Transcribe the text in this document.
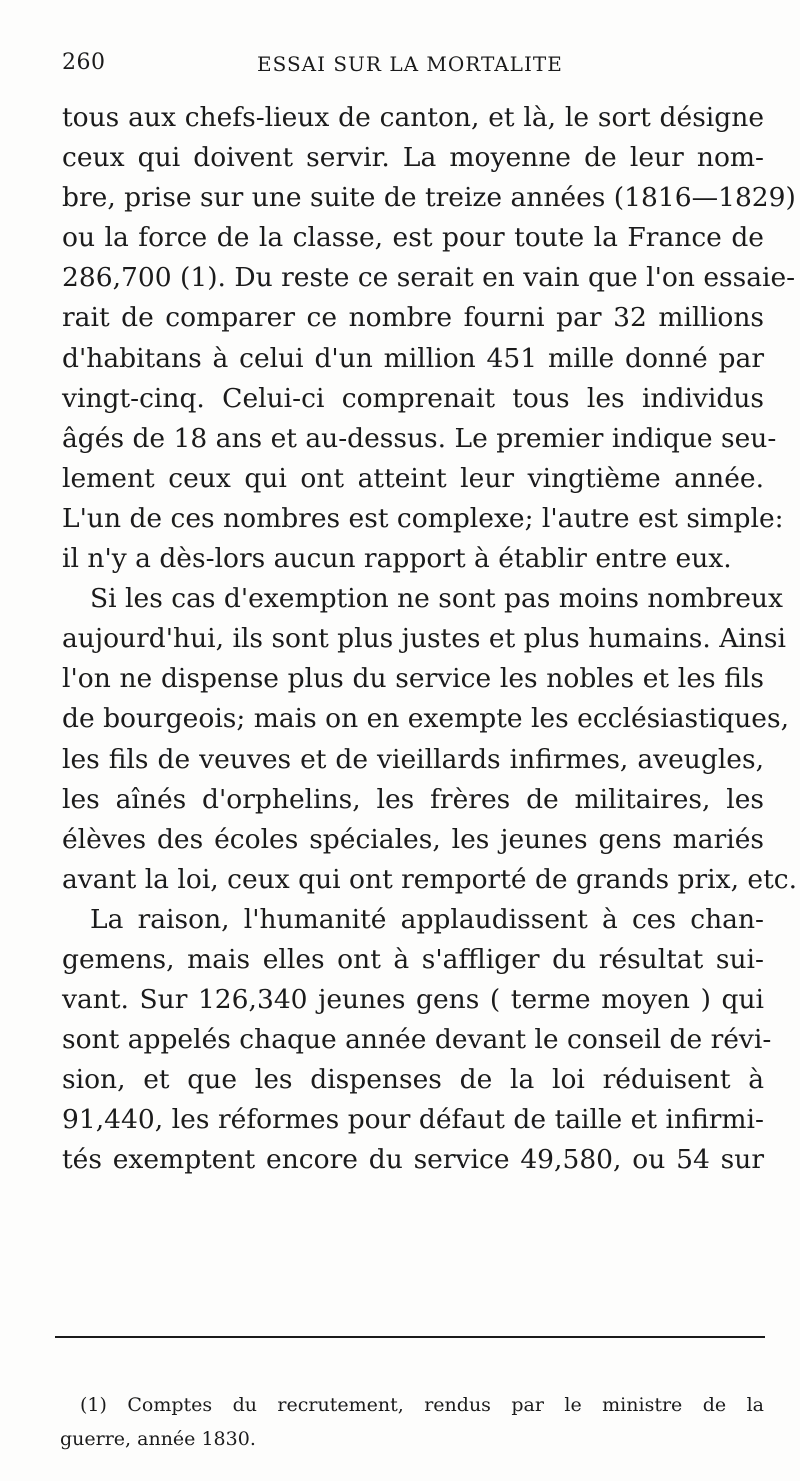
260	ESSAI SUR LA MORTALITE
tous aux chefs-lieux de canton, et là, le sort désigne
ceux qui doivent servir. La moyenne de leur nom-
bre, prise sur une suite de treize années (1816—1829)
ou la force de la classe, est pour toute la France de
286,700 (1). Du reste ce serait en vain que l'on essaie-
rait de comparer ce nombre fourni par 32 millions
d'habitans à celui d'un million 451 mille donné par
vingt-cinq. Celui-ci comprenait tous les individus
âgés de 18 ans et au-dessus. Le premier indique seu-
lement ceux qui ont atteint leur vingtième année.
L'un de ces nombres est complexe; l'autre est simple:
il n'y a dès-lors aucun rapport à établir entre eux.
Si les cas d'exemption ne sont pas moins nombreux
aujourd'hui, ils sont plus justes et plus humains. Ainsi
l'on ne dispense plus du service les nobles et les fils
de bourgeois; mais on en exempte les ecclésiastiques,
les fils de veuves et de vieillards infirmes, aveugles,
les aînés d'orphelins, les frères de militaires, les
élèves des écoles spéciales, les jeunes gens mariés
avant la loi, ceux qui ont remporté de grands prix, etc.
La raison, l'humanité applaudissent à ces chan-
gemens, mais elles ont à s'affliger du résultat sui-
vant. Sur 126,340 jeunes gens ( terme moyen ) qui
sont appelés chaque année devant le conseil de révi-
sion, et que les dispenses de la loi réduisent à
91,440, les réformes pour défaut de taille et infirmi-
tés exemptent encore du service 49,580, ou 54 sur
(1) Comptes du recrutement, rendus par le ministre de la
guerre, année 1830.
